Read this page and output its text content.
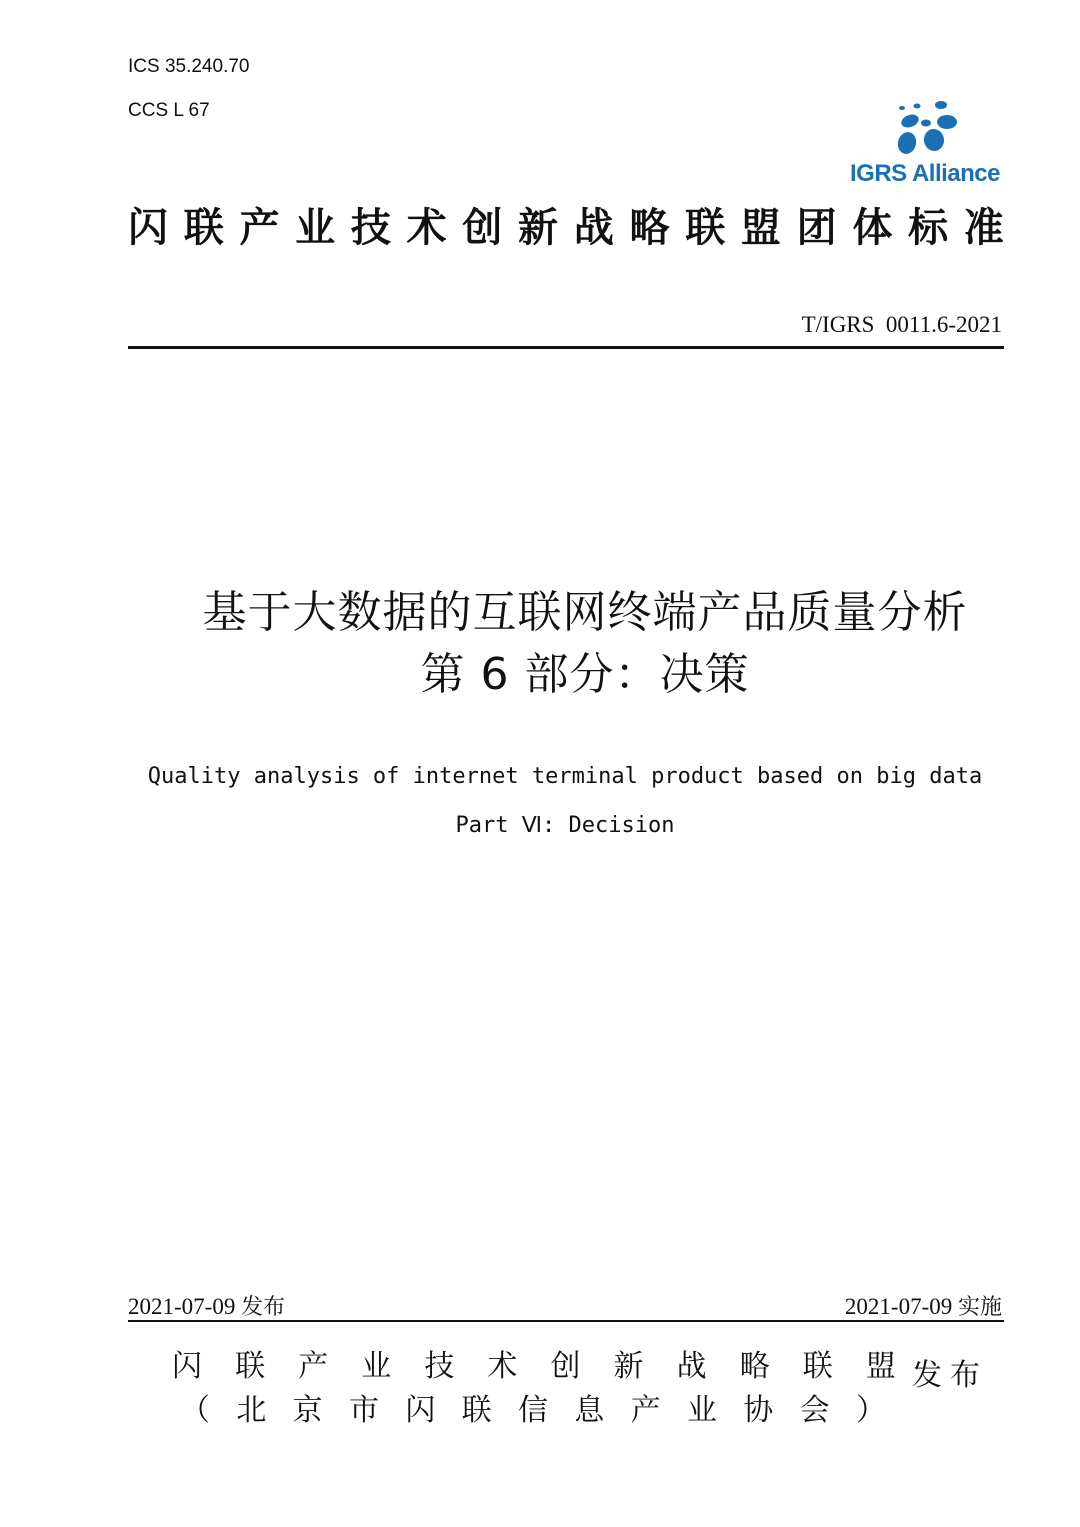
ICS 35.240.70
CCS L 67
IGRS Alliance
闪 联 产 业 技 术 创 新 战 略 联 盟 团 体 标 准
T/IGRS  0011.6-2021
基于大数据的互联网终端产品质量分析
第 6 部分：决策
Quality analysis of internet terminal product based on big data
Part Ⅵ: Decision
2021-07-09 发布	2021-07-09 实施
闪 联 产 业 技 术 创 新 战 略 联 盟 发布
（ 北 京 市 闪 联 信 息 产 业 协 会 ）
